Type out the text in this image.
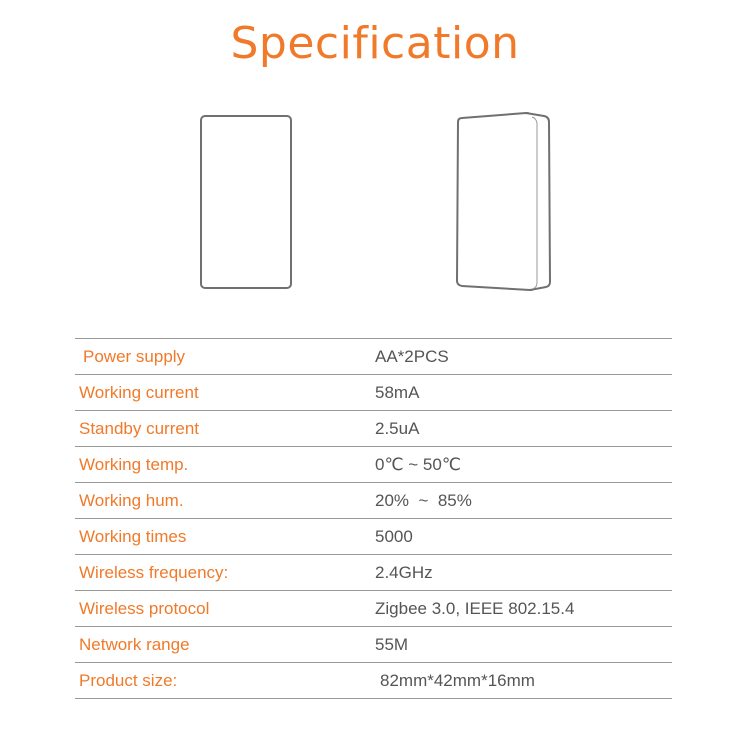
Specification
Power supply	AA*2PCS
Working current	58mA
Standby current	2.5uA
Working temp.	0℃ ~ 50℃
Working hum.	20%  ~  85%
Working times	5000
Wireless frequency:	2.4GHz
Wireless protocol	Zigbee 3.0, IEEE 802.15.4
Network range	55M
Product size:	82mm*42mm*16mm
